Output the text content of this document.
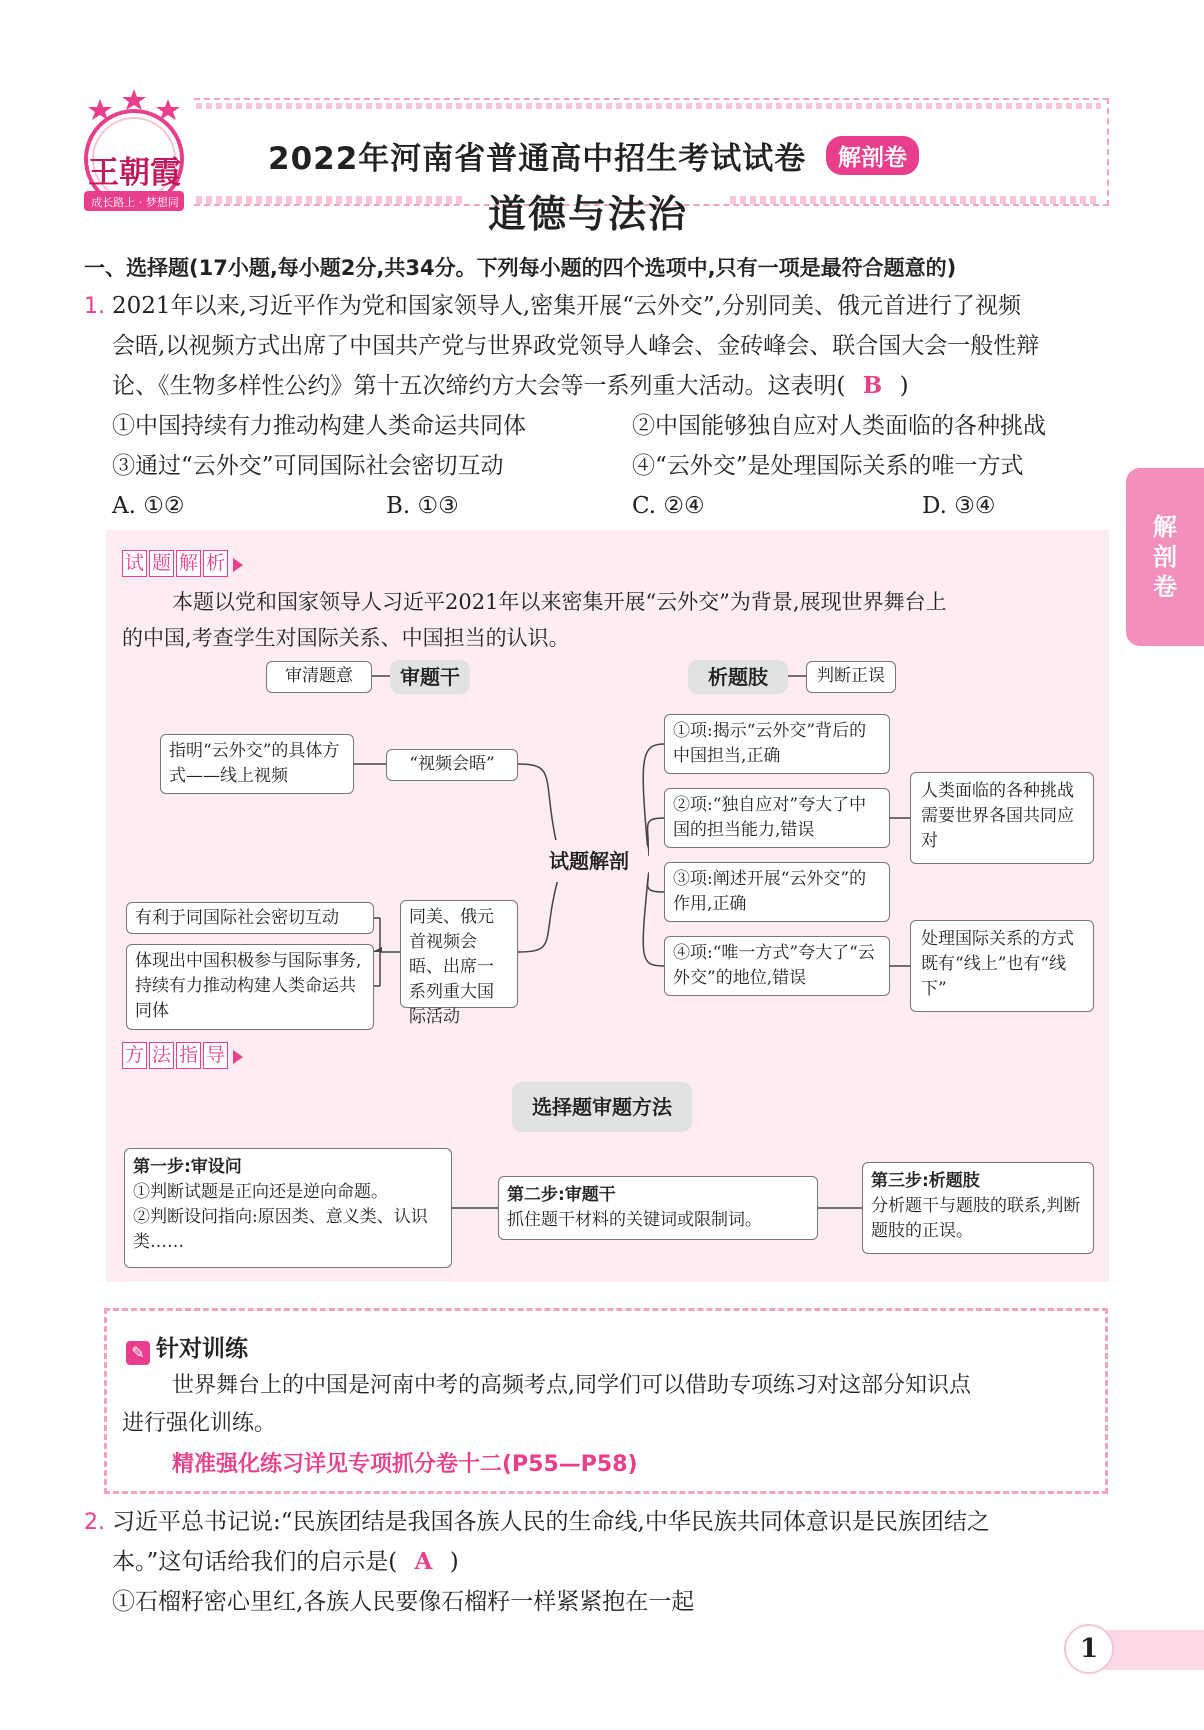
王朝霞
成长路上 · 梦想同行
2022年河南省普通高中招生考试试卷	解剖卷
道德与法治
解
剖
卷
一、选择题(17小题,每小题2分,共34分。下列每小题的四个选项中,只有一项是最符合题意的)
1. 2021年以来,习近平作为党和国家领导人,密集开展“云外交”,分别同美、俄元首进行了视频
会晤,以视频方式出席了中国共产党与世界政党领导人峰会、金砖峰会、联合国大会一般性辩
论、《生物多样性公约》第十五次缔约方大会等一系列重大活动。这表明( B )
①中国持续有力推动构建人类命运共同体	②中国能够独自应对人类面临的各种挑战
③通过“云外交”可同国际社会密切互动	④“云外交”是处理国际关系的唯一方式
A. ①②	B. ①③	C. ②④	D. ③④
试 题 解 析
本题以党和国家领导人习近平2021年以来密集开展“云外交”为背景,展现世界舞台上
的中国,考查学生对国际关系、中国担当的认识。
审清题意	审题干	析题肢	判断正误
指明“云外交”的具体方式——线上视频
“视频会晤”
试题解剖
有利于同国际社会密切互动
体现出中国积极参与国际事务,持续有力推动构建人类命运共同体
同美、俄元首视频会晤、出席一系列重大国际活动
①项:揭示“云外交”背后的中国担当,正确
②项:“独自应对”夸大了中国的担当能力,错误
③项:阐述开展“云外交”的作用,正确
④项:“唯一方式”夸大了“云外交”的地位,错误
人类面临的各种挑战需要世界各国共同应对
处理国际关系的方式既有“线上”也有“线下”
方 法 指 导
选择题审题方法
第一步:审设问
①判断试题是正向还是逆向命题。
②判断设问指向:原因类、意义类、认识类……
第二步:审题干
抓住题干材料的关键词或限制词。
第三步:析题肢
分析题干与题肢的联系,判断题肢的正误。
✎ 针对训练
世界舞台上的中国是河南中考的高频考点,同学们可以借助专项练习对这部分知识点
进行强化训练。
精准强化练习详见专项抓分卷十二(P55—P58)
2. 习近平总书记说:“民族团结是我国各族人民的生命线,中华民族共同体意识是民族团结之
本。”这句话给我们的启示是( A )
①石榴籽密心里红,各族人民要像石榴籽一样紧紧抱在一起
1
